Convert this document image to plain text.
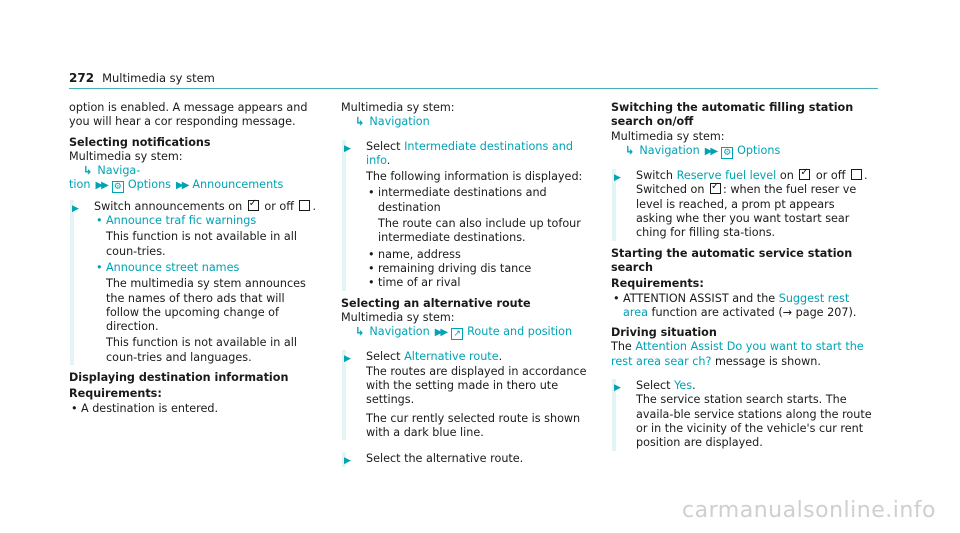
272 Multimedia sy stem

option is enabled. A message appears and you will hear a cor responding message.

Selecting notifications

Multimedia sy stem:

↳ Naviga-
tion ▶▶ ⚙ Options ▶▶ Announcements
▶ Switch announcements on ✓ or off .

• Announce traf fic warnings

This function is not available in all coun-tries.

• Announce street names

The multimedia sy stem announces the names of thero ads that will follow the upcoming change of direction.

This function is not available in all coun-tries and languages.

Displaying destination information

Requirements:

• A destination is entered.

Multimedia sy stem:

↳ Navigation
▶ Select Intermediate destinations and info.

The following information is displayed:

• intermediate destinations and destination

The route can also include up tofour intermediate destinations.

• name, address

• remaining driving dis tance

• time of ar rival

Selecting an alternative route

Multimedia sy stem:

↳ Navigation ▶▶ ↗ Route and position
▶ Select Alternative route.

The routes are displayed in accordance with the setting made in thero ute settings.

The cur rently selected route is shown with a dark blue line.

▶ Select the alternative route.

Switching the automatic filling station search on/off

Multimedia sy stem:

↳ Navigation ▶▶ ⚙ Options
▶ Switch Reserve fuel level on ✓ or off .

Switched on ✓ : when the fuel reser ve level is reached, a prom pt appears asking whe ther you want tostart sear ching for filling sta-tions.

Starting the automatic service station search

Requirements:

• ATTENTION ASSIST and the Suggest rest area function are activated (→ page 207).

Driving situation

The Attention Assist Do you want to start the rest area sear ch? message is shown.

▶ Select Yes.

The service station search starts. The availa-ble service stations along the route or in the vicinity of the vehicle's cur rent position are displayed.

carmanualsonline.info
